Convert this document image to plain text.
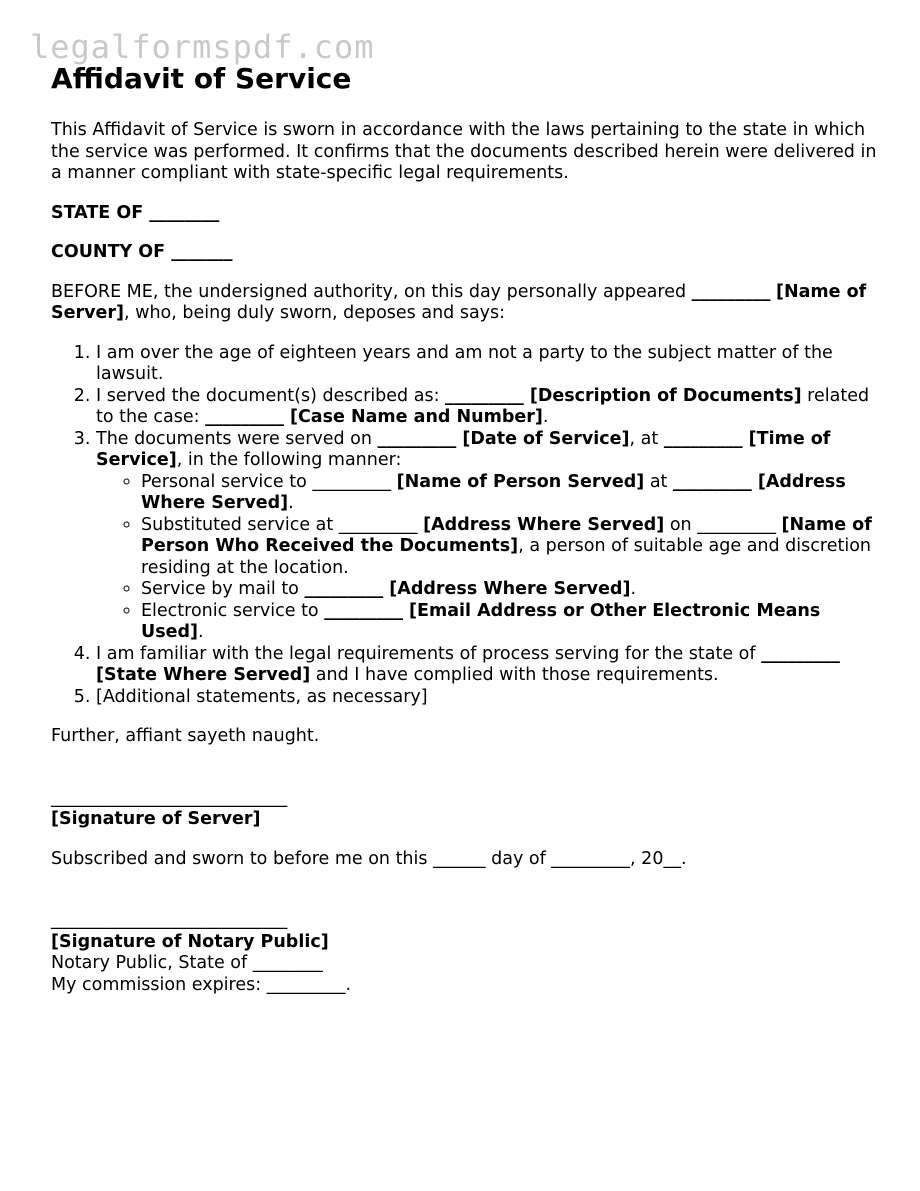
legalformspdf.com
Affidavit of Service

This Affidavit of Service is sworn in accordance with the laws pertaining to the state in which the service was performed. It confirms that the documents described herein were delivered in a manner compliant with state-specific legal requirements.

STATE OF ________

COUNTY OF _______

BEFORE ME, the undersigned authority, on this day personally appeared _________ [Name of Server], who, being duly sworn, deposes and says:

1. I am over the age of eighteen years and am not a party to the subject matter of the lawsuit.
2. I served the document(s) described as: _________ [Description of Documents] related to the case: _________ [Case Name and Number].
3. The documents were served on _________ [Date of Service], at _________ [Time of Service], in the following manner:
◦ Personal service to _________ [Name of Person Served] at _________ [Address Where Served].
◦ Substituted service at _________ [Address Where Served] on _________ [Name of Person Who Received the Documents], a person of suitable age and discretion residing at the location.
◦ Service by mail to _________ [Address Where Served].
◦ Electronic service to _________ [Email Address or Other Electronic Means Used].
4. I am familiar with the legal requirements of process serving for the state of _________ [State Where Served] and I have complied with those requirements.
5. [Additional statements, as necessary]

Further, affiant sayeth naught.

___________________________
[Signature of Server]

Subscribed and sworn to before me on this ______ day of _________, 20__.

___________________________
[Signature of Notary Public]
Notary Public, State of ________
My commission expires: _________.
